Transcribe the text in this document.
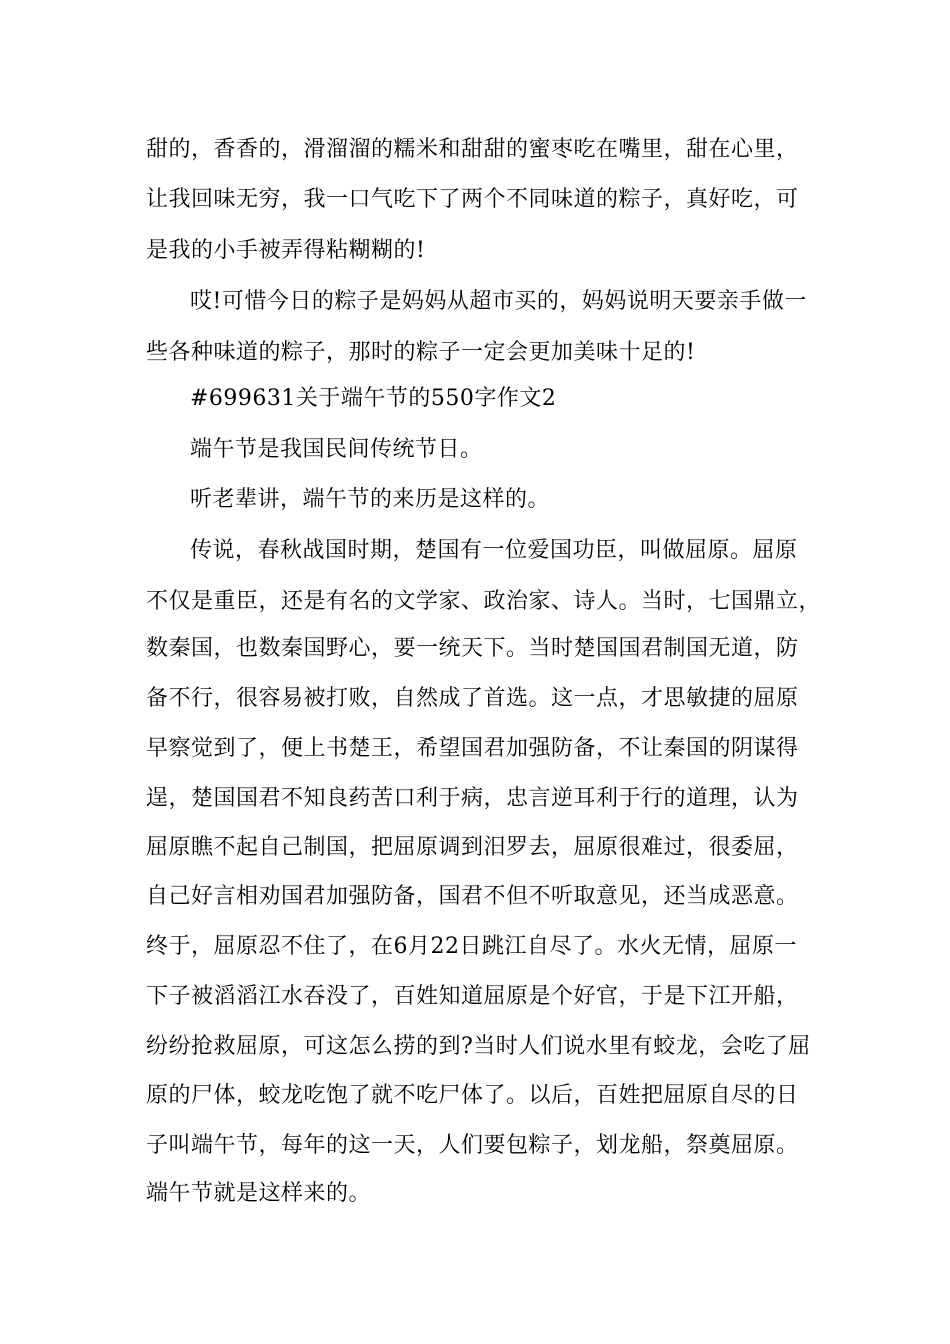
甜的，香香的，滑溜溜的糯米和甜甜的蜜枣吃在嘴里，甜在心里，
让我回味无穷，我一口气吃下了两个不同味道的粽子，真好吃，可
是我的小手被弄得粘糊糊的!
哎!可惜今日的粽子是妈妈从超市买的，妈妈说明天要亲手做一
些各种味道的粽子，那时的粽子一定会更加美味十足的!
#699631关于端午节的550字作文2
端午节是我国民间传统节日。
听老辈讲，端午节的来历是这样的。
传说，春秋战国时期，楚国有一位爱国功臣，叫做屈原。屈原
不仅是重臣，还是有名的文学家、政治家、诗人。当时，七国鼎立，
数秦国，也数秦国野心，要一统天下。当时楚国国君制国无道，防
备不行，很容易被打败，自然成了首选。这一点，才思敏捷的屈原
早察觉到了，便上书楚王，希望国君加强防备，不让秦国的阴谋得
逞，楚国国君不知良药苦口利于病，忠言逆耳利于行的道理，认为
屈原瞧不起自己制国，把屈原调到汨罗去，屈原很难过，很委屈，
自己好言相劝国君加强防备，国君不但不听取意见，还当成恶意。
终于，屈原忍不住了，在6月22日跳江自尽了。水火无情，屈原一
下子被滔滔江水吞没了，百姓知道屈原是个好官，于是下江开船，
纷纷抢救屈原，可这怎么捞的到?当时人们说水里有蛟龙，会吃了屈
原的尸体，蛟龙吃饱了就不吃尸体了。以后，百姓把屈原自尽的日
子叫端午节，每年的这一天，人们要包粽子，划龙船，祭奠屈原。
端午节就是这样来的。
